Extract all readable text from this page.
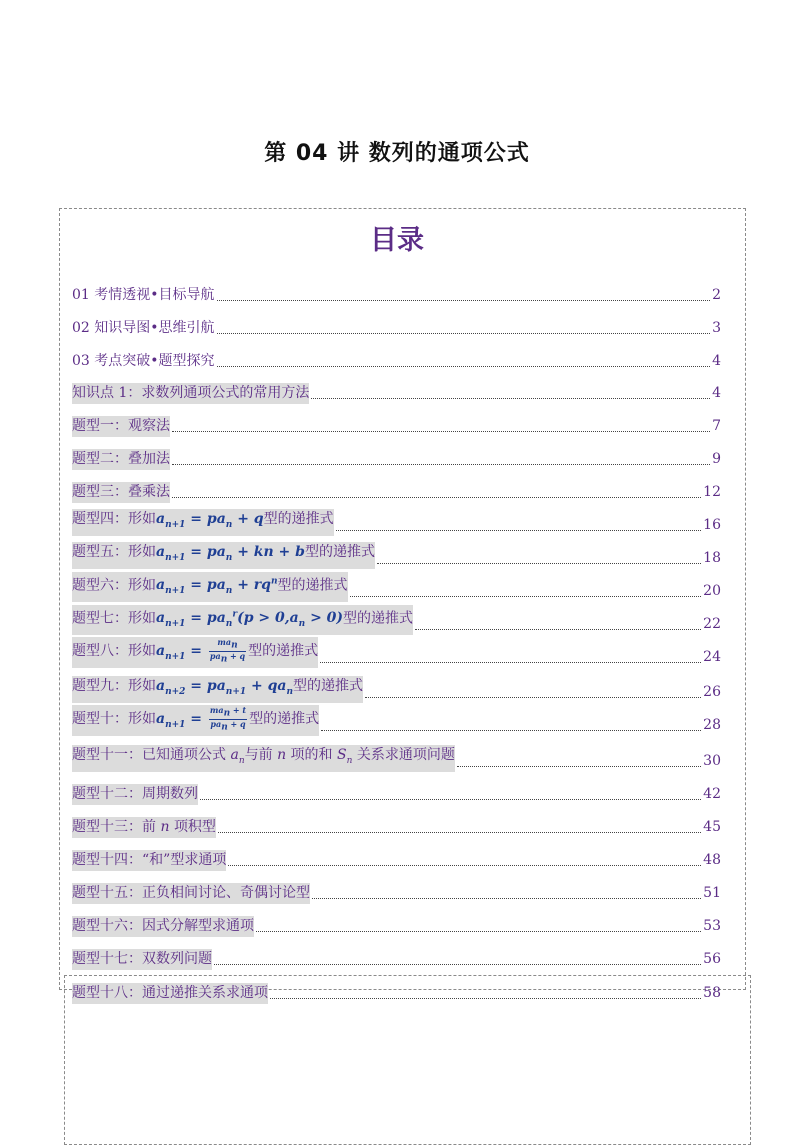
第 04 讲 数列的通项公式
目录
01 考情透视•目标导航	2
02 知识导图•思维引航	3
03 考点突破•题型探究	4
知识点 1：求数列通项公式的常用方法	4
题型一：观察法	7
题型二：叠加法	9
题型三：叠乘法	12
题型四：形如$a_{n+1} = pa_n + q$型的递推式	16
题型五：形如$a_{n+1} = pa_n$ + kn + b型的递推式	18
题型六：形如$a_{n+1} = pa_n + rq^n$型的递推式	20
题型七：形如$a_{n+1} = pa_n^r(p > 0,a_n > 0)$型的递推式	22
题型八：形如$a_{n+1} = \frac{ma_n}{pa_n + q}$ 型的递推式	24
题型九：形如$a_{n+2} = pa_{n+1} + qa_n$型的递推式	26
题型十：形如$a_{n+1} = \frac{ma_n + t}{pa_n + q}$ 型的递推式	28
题型十一：已知通项公式 $a_n$与前 n 项的和 $S_n$ 关系求通项问题	30
题型十二：周期数列	42
题型十三：前 n 项积型	45
题型十四：“和”型求通项	48
题型十五：正负相间讨论、奇偶讨论型	51
题型十六：因式分解型求通项	53
题型十七：双数列问题	56
题型十八：通过递推关系求通项	58
